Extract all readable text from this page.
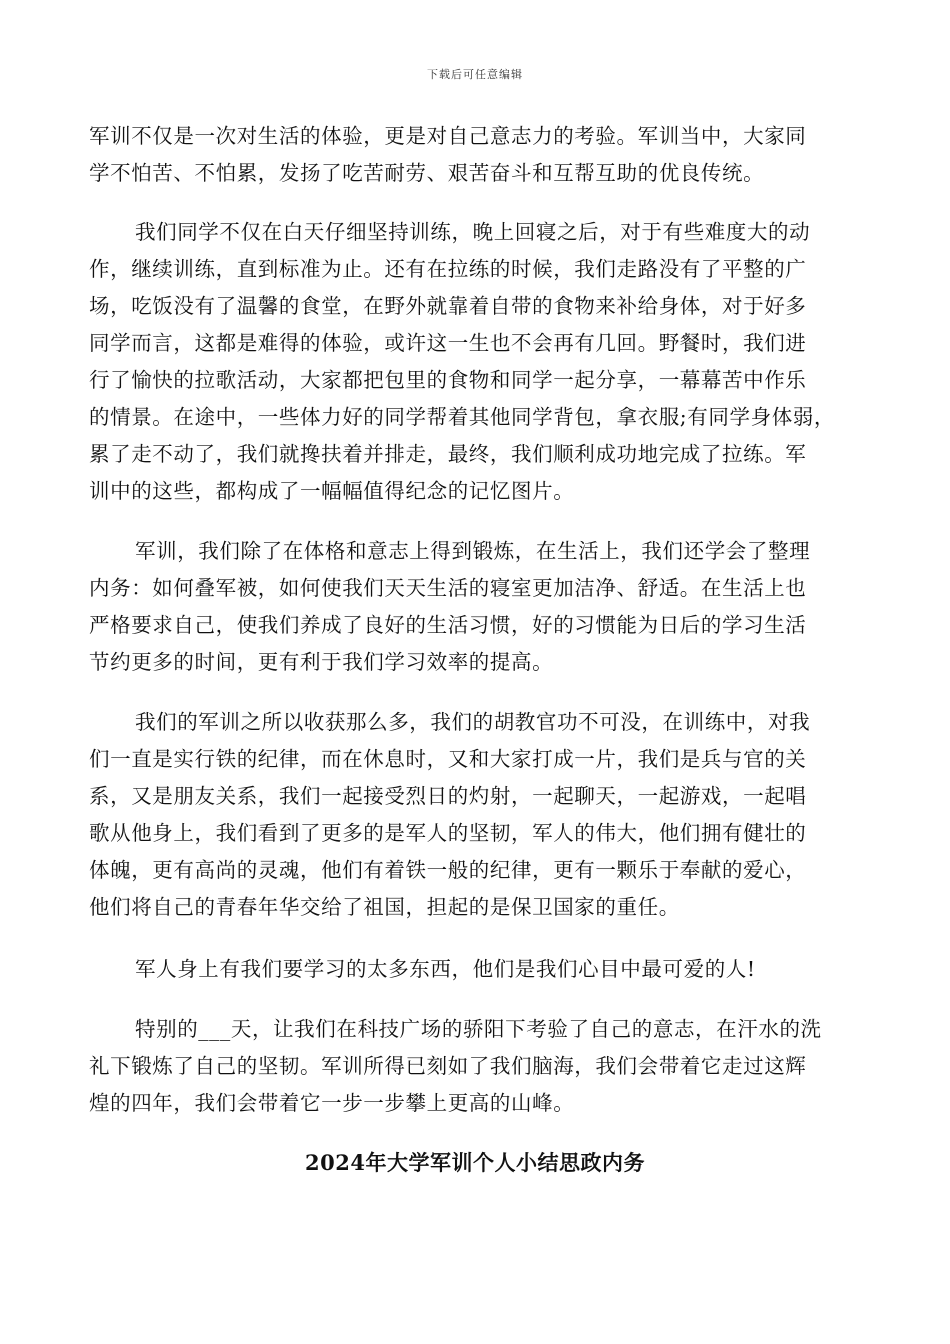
下载后可任意编辑
军训不仅是一次对生活的体验，更是对自己意志力的考验。军训当中，大家同
学不怕苦、不怕累，发扬了吃苦耐劳、艰苦奋斗和互帮互助的优良传统。
我们同学不仅在白天仔细坚持训练，晚上回寝之后，对于有些难度大的动
作，继续训练，直到标准为止。还有在拉练的时候，我们走路没有了平整的广
场，吃饭没有了温馨的食堂，在野外就靠着自带的食物来补给身体，对于好多
同学而言，这都是难得的体验，或许这一生也不会再有几回。野餐时，我们进
行了愉快的拉歌活动，大家都把包里的食物和同学一起分享，一幕幕苦中作乐
的情景。在途中，一些体力好的同学帮着其他同学背包，拿衣服;有同学身体弱，
累了走不动了，我们就搀扶着并排走，最终，我们顺利成功地完成了拉练。军
训中的这些，都构成了一幅幅值得纪念的记忆图片。
军训，我们除了在体格和意志上得到锻炼，在生活上，我们还学会了整理
内务：如何叠军被，如何使我们天天生活的寝室更加洁净、舒适。在生活上也
严格要求自己，使我们养成了良好的生活习惯，好的习惯能为日后的学习生活
节约更多的时间，更有利于我们学习效率的提高。
我们的军训之所以收获那么多，我们的胡教官功不可没，在训练中，对我
们一直是实行铁的纪律，而在休息时，又和大家打成一片，我们是兵与官的关
系，又是朋友关系，我们一起接受烈日的灼射，一起聊天，一起游戏，一起唱
歌从他身上，我们看到了更多的是军人的坚韧，军人的伟大，他们拥有健壮的
体魄，更有高尚的灵魂，他们有着铁一般的纪律，更有一颗乐于奉献的爱心，
他们将自己的青春年华交给了祖国，担起的是保卫国家的重任。
军人身上有我们要学习的太多东西，他们是我们心目中最可爱的人!
特别的___天，让我们在科技广场的骄阳下考验了自己的意志，在汗水的洗
礼下锻炼了自己的坚韧。军训所得已刻如了我们脑海，我们会带着它走过这辉
煌的四年，我们会带着它一步一步攀上更高的山峰。
2024年大学军训个人小结思政内务
